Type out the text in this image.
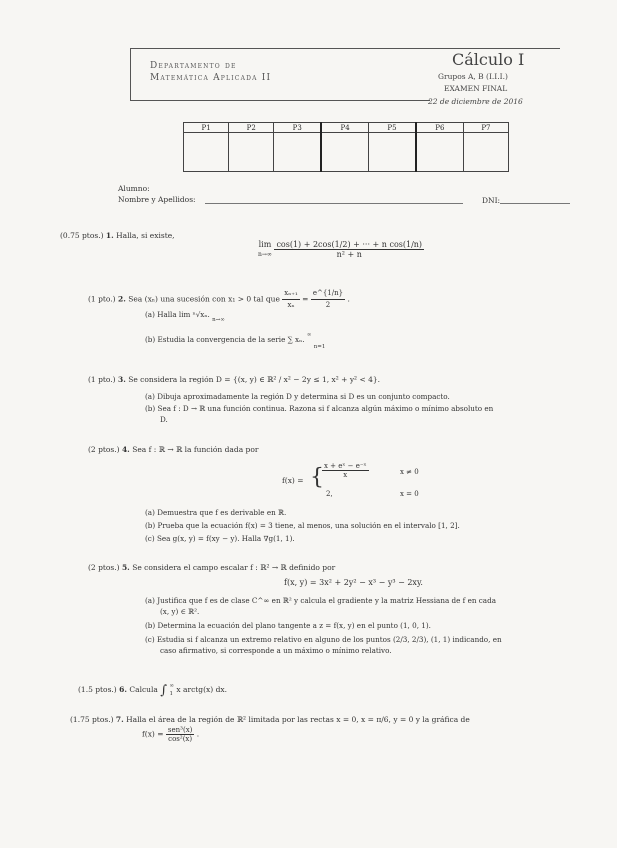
Departamento de
Matemática Aplicada II
Cálculo I
Grupos A, B (I.I.I.)
EXAMEN FINAL
22 de diciembre de 2016
P1	P2	P3	P4	P5	P6	P7

Alumno:
Nombre y Apellidos:	DNI:
(0.75 ptos.) 1. Halla, si existe,
lim
$n\to\infty \frac{\text{cos(1) + 2cos(1/2) + ··· + n cos(1/n)}}{\text{n² + n}}$
(1 pto.) 2. Sea (xₙ) una sucesión con x₁ > 0 tal que $\frac{\text{xₙ₊₁}}{\text{xₙ}} = \frac{e\^{}\{1/n\}}{2}$ .
(a) Halla lim ⁿ√xₙ. $_{n\to\infty}$
(b) Estudia la convergencia de la serie ∑ xₙ. ∞ $_{n=1}$
(1 pto.) 3. Se considera la región D = {(x, y) ∈ ℝ² / x² − 2y ≤ 1, x² + y² < 4}.
(a) Dibuja aproximadamente la región D y determina si D es un conjunto compacto.
(b) Sea f : D → ℝ una función continua. Razona si f alcanza algún máximo o mínimo absoluto en
D.
(2 ptos.) 4. Sea f : ℝ → ℝ la función dada por
f(x) = {
$\frac{\text{x + eˣ − e⁻ˣ}}{x}$	x ≠ 0
2,	x = 0
(a) Demuestra que f es derivable en ℝ.
(b) Prueba que la ecuación f(x) = 3 tiene, al menos, una solución en el intervalo [1, 2].
(c) Sea g(x, y) = f(xy − y). Halla ∇g(1, 1).
(2 ptos.) 5. Se considera el campo escalar f : ℝ² → ℝ definido por
f(x, y) = 3x² + 2y² − x³ − y³ − 2xy.
(a) Justifica que f es de clase C^∞ en ℝ² y calcula el gradiente y la matriz Hessiana de f en cada
(x, y) ∈ ℝ².
(b) Determina la ecuación del plano tangente a z = f(x, y) en el punto (1, 0, 1).
(c) Estudia si f alcanza un extremo relativo en alguno de los puntos (2/3, 2/3), (1, 1) indicando, en
caso afirmativo, si corresponde a un máximo o mínimo relativo.
(1.5 ptos.) 6. Calcula ∫ ∞
1 x arctg(x) dx.
(1.75 ptos.) 7. Halla el área de la región de ℝ² limitada por las rectas x = 0, x = π/6, y = 0 y la gráfica de
$f(x) = \frac{\text{sen³(x)}}{\text{cos²(x)}}$ .
